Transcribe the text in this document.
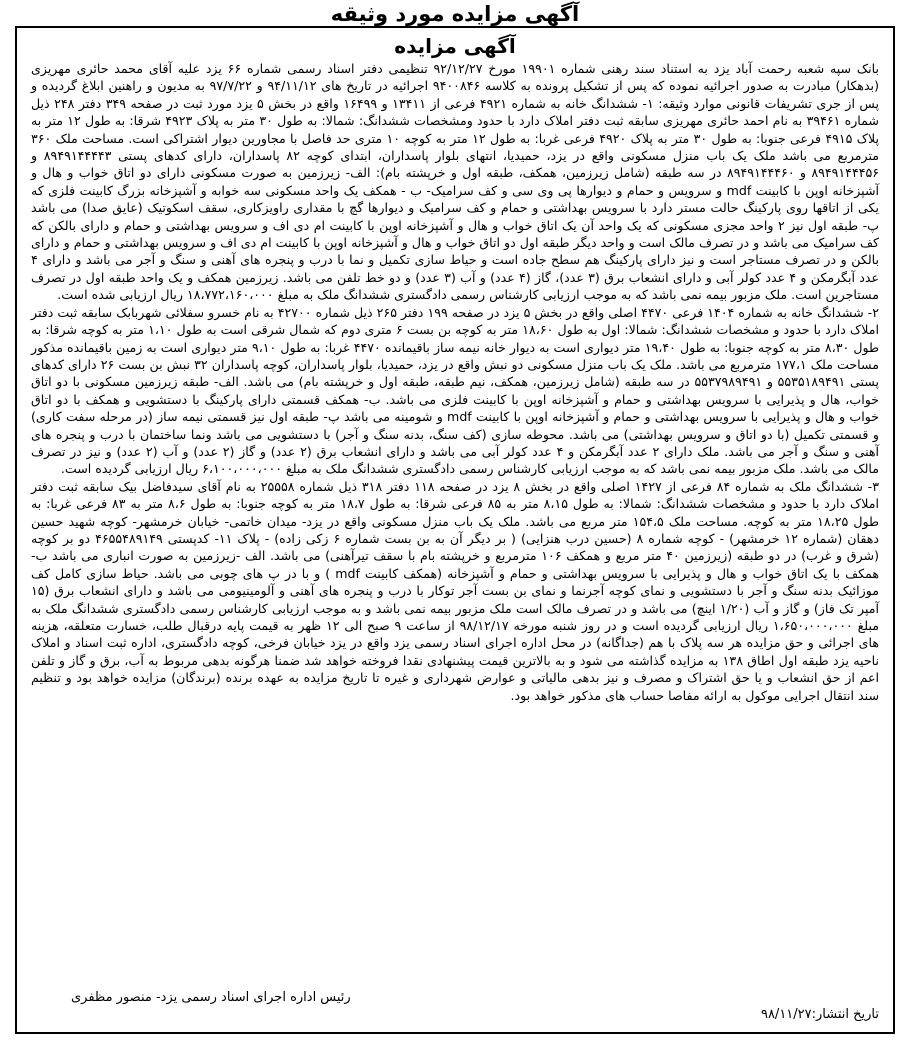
آگهی مزایده مورد وثیقه
آگهی مزایده

بانک سپه شعبه رحمت آباد یزد به استناد سند رهنی شماره ۱۹۹۰۱ مورخ ۹۲/۱۲/۲۷ تنظیمی دفتر اسناد رسمی شماره ۶۶ یزد علیه آقای محمد حائری مهریزی (بدهکار) مبادرت به صدور اجرائیه نموده که پس از تشکیل پرونده به کلاسه ۹۴۰۰۸۴۶ اجرائیه در تاریخ های ۹۴/۱۱/۱۲ و ۹۷/۷/۲۲ به مدیون و راهنین ابلاغ گردیده و پس از جری تشریفات قانونی موارد وثیقه: ۱- ششدانگ خانه به شماره ۴۹۲۱ فرعی از ۱۳۴۱۱ و ۱۶۴۹۹ واقع در بخش ۵ یزد مورد ثبت در صفحه ۳۴۹ دفتر ۲۴۸ ذیل شماره ۳۹۴۶۱ به نام احمد حائری مهریزی سابقه ثبت دفتر املاک دارد با حدود ومشخصات ششدانگ: شمالا: به طول ۳۰ متر به پلاک ۴۹۲۳ شرقا: به طول ۱۲ متر به پلاک ۴۹۱۵ فرعی جنوبا: به طول ۳۰ متر به پلاک ۴۹۲۰ فرعی غربا: به طول ۱۲ متر به کوچه ۱۰ متری حد فاصل با مجاورین دیوار اشتراکی است. مساحت ملک ۳۶۰ مترمربع می باشد ملک یک باب منزل مسکونی واقع در یزد، حمیدیا، انتهای بلوار پاسداران، ابتدای کوچه ۸۲ پاسداران، دارای کدهای پستی ۸۹۴۹۱۴۴۴۴۳ و ۸۹۴۹۱۴۴۴۵۶ و ۸۹۴۹۱۴۴۴۶۰ در سه طبقه (شامل زیرزمین، همکف، طبقه اول و خرپشته بام): الف- زیرزمین به صورت مسکونی دارای دو اتاق خواب و هال و آشپزخانه اوپن با کابینت mdf و سرویس و حمام و دیوارها پی وی سی و کف سرامیک- ب - همکف یک واحد مسکونی سه خوابه و آشپزخانه بزرگ کابینت فلزی که یکی از اتاقها روی پارکینگ حالت مستر دارد با سرویس بهداشتی و حمام و کف سرامیک و دیوارها گچ با مقداری راویزکاری، سقف اسکوتیک (عایق صدا) می باشد پ- طبقه اول نیز ۲ واحد مجزی مسکونی که یک واحد آن یک اتاق خواب و هال و آشپزخانه اوپن با کابینت ام دی اف و سرویس بهداشتی و حمام و دارای بالکن که کف سرامیک می باشد و در تصرف مالک است و واحد دیگر طبقه اول دو اتاق خواب و هال و آشپزخانه اوپن با کابینت ام دی اف و سرویس بهداشتی و حمام و دارای بالکن و در تصرف مستاجر است و نیز دارای پارکینگ هم سطح جاده است و حیاط سازی تکمیل و نما با درب و پنجره های آهنی و سنگ و آجر می باشد و دارای ۴ عدد آبگرمکن و ۴ عدد کولر آبی و دارای انشعاب برق (۳ عدد)، گاز (۴ عدد) و آب (۳ عدد) و دو خط تلفن می باشد. زیرزمین همکف و یک واحد طبقه اول در تصرف مستاجرین است. ملک مزبور بیمه نمی باشد که به موجب ارزیابی کارشناس رسمی دادگستری ششدانگ ملک به مبلغ ۱۸،۷۷۲،۱۶۰،۰۰۰ ریال ارزیابی شده است.

۲- ششدانگ خانه به شماره ۱۴۰۴ فرعی ۴۴۷۰ اصلی واقع در بخش ۵ یزد در صفحه ۱۹۹ دفتر ۲۶۵ ذیل شماره ۴۲۷۰۰ به نام خسرو سفلائی شهربابک سابقه ثبت دفتر املاک دارد با حدود و مشخصات ششدانگ: شمالا: اول به طول ۱۸،۶۰ متر به کوچه بن بست ۶ متری دوم که شمال شرقی است به طول ۱،۱۰ متر به کوچه شرقا: به طول ۸،۳۰ متر به کوچه جنوبا: به طول ۱۹،۴۰ متر دیواری است به دیوار خانه نیمه ساز باقیمانده ۴۴۷۰ غربا: به طول ۹،۱۰ متر دیواری است به زمین باقیمانده مذکور مساحت ملک ۱۷۷،۱ مترمربع می باشد. ملک یک باب منزل مسکونی دو نبش واقع در یزد، حمیدیا، بلوار پاسداران، کوچه پاسداران ۳۲ نبش بن بست ۲۶ دارای کدهای پستی ۵۵۳۵۱۸۹۴۹۱ و ۵۵۳۷۹۸۹۴۹۱ در سه طبقه (شامل زیرزمین، همکف، نیم طبقه، طبقه اول و خرپشته بام) می باشد. الف- طبقه زیرزمین مسکونی با دو اتاق خواب، هال و پذیرایی با سرویس بهداشتی و حمام و آشپزخانه اوپن با کابینت فلزی می باشد. ب- همکف قسمتی دارای پارکینگ با دستشویی و همکف با دو اتاق خواب و هال و پذیرایی با سرویس بهداشتی و حمام و آشپزخانه اوپن با کابینت mdf و شومینه می باشد پ- طبقه اول نیز قسمتی نیمه ساز (در مرحله سفت کاری) و قسمتی تکمیل (با دو اتاق و سرویس بهداشتی) می باشد. محوطه سازی (کف سنگ، بدنه سنگ و آجر) با دستشویی می باشد ونما ساختمان با درب و پنجره های آهنی و سنگ و آجر می باشد. ملک دارای ۲ عدد آبگرمکن و ۴ عدد کولر آبی می باشد و دارای انشعاب برق (۲ عدد) و گاز (۲ عدد) و آب (۲ عدد) و نیز در تصرف مالک می باشد. ملک مزبور بیمه نمی باشد که به موجب ارزیابی کارشناس رسمی دادگستری ششدانگ ملک به مبلغ ۶،۱۰۰،۰۰۰،۰۰۰ ریال ارزیابی گردیده است.

۳- ششدانگ ملک به شماره ۸۴ فرعی از ۱۴۲۷ اصلی واقع در بخش ۸ یزد در صفحه ۱۱۸ دفتر ۳۱۸ ذیل شماره ۲۵۵۵۸ به نام آقای سیدفاضل بیک سابقه ثبت دفتر املاک دارد با حدود و مشخصات ششدانگ: شمالا: به طول ۸،۱۵ متر به ۸۵ فرعی شرقا: به طول ۱۸،۷ متر به کوچه جنوبا: به طول ۸،۶ متر به ۸۳ فرعی غربا: به طول ۱۸،۲۵ متر به کوچه. مساحت ملک ۱۵۴،۵ متر مربع می باشد. ملک یک باب منزل مسکونی واقع در یزد- میدان خاتمی- خیابان خرمشهر- کوچه شهید حسین دهقان (شماره ۱۲ خرمشهر) - کوچه شماره ۸ (حسین درب هنزایی) ( بر دیگر آن به بن بست شماره ۶ زکی زاده) - پلاک ۱۱- کدپستی ۴۶۵۵۴۸۹۱۴۹ دو بر کوچه (شرق و غرب) در دو طبقه (زیرزمین ۴۰ متر مربع و همکف ۱۰۶ مترمربع و خرپشته بام با سقف تیرآهنی) می باشد. الف -زیرزمین به صورت انباری می باشد ب- همکف با یک اتاق خواب و هال و پذیرایی با سرویس بهداشتی و حمام و آشپزخانه (همکف کابینت mdf ) و با در پ های چوبی می باشد. حیاط سازی کامل کف موزائیک بدنه سنگ و آجر با دستشویی و نمای کوچه آجرنما و نمای بن بست آجر توکار با درب و پنجره های آهنی و آلومینیومی می باشد و دارای انشعاب برق (۱۵ آمپر تک فاز) و گاز و آب (۱/۲۰ اینچ) می باشد و در تصرف مالک است ملک مزبور بیمه نمی باشد و به موجب ارزیابی کارشناس رسمی دادگستری ششدانگ ملک به مبلغ ۱،۶۵۰،۰۰۰،۰۰۰ ریال ارزیابی گردیده است و در روز شنبه مورخه ۹۸/۱۲/۱۷ از ساعت ۹ صبح الی ۱۲ ظهر به قیمت پایه درقبال طلب، خسارت متعلقه، هزینه های اجرائی و حق مزایده هر سه پلاک با هم (جداگانه) در محل اداره اجرای اسناد رسمی یزد واقع در یزد خیابان فرخی، کوچه دادگستری، اداره ثبت اسناد و املاک ناحیه یزد طبقه اول اطاق ۱۳۸ به مزایده گذاشته می شود و به بالاترین قیمت پیشنهادی نقدا فروخته خواهد شد ضمنا هرگونه بدهی مربوط به آب، برق و گاز و تلفن اعم از حق انشعاب و یا حق اشتراک و مصرف و نیز بدهی مالیاتی و عوارض شهرداری و غیره تا تاریخ مزایده به عهده برنده (برندگان) مزایده خواهد بود و تنظیم سند انتقال اجرایی موکول به ارائه مفاصا حساب های مذکور خواهد بود.

رئیس اداره اجرای اسناد رسمی یزد- منصور مظفری
تاریخ انتشار:۹۸/۱۱/۲۷
